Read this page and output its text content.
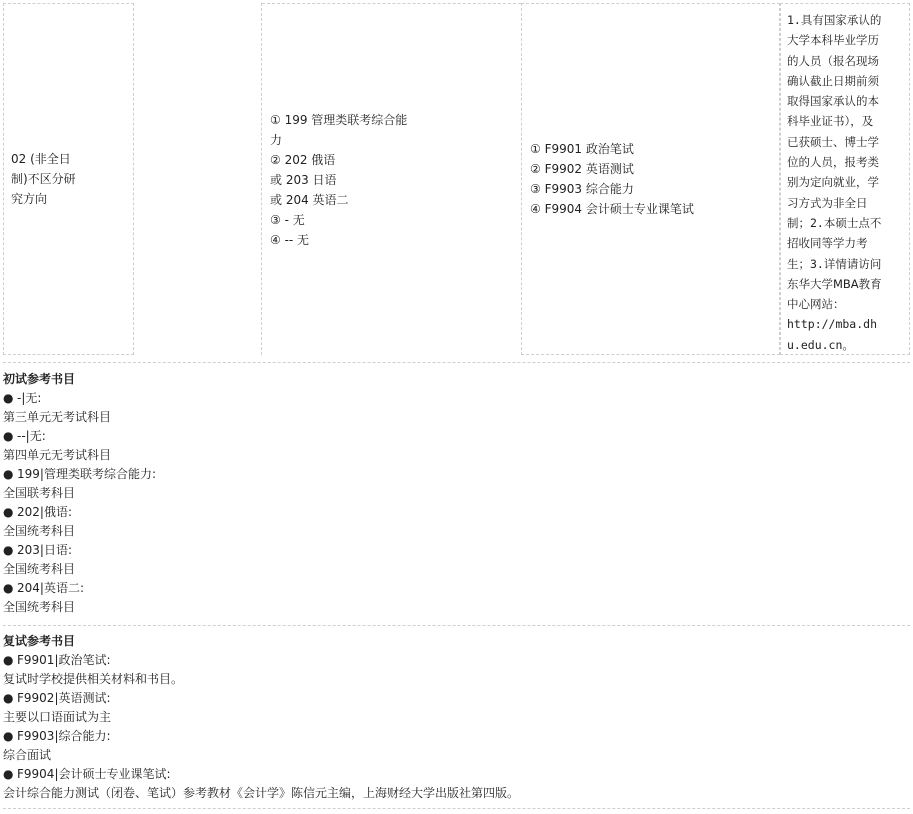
02 (非全日
制)不区分研
究方向
① 199 管理类联考综合能
力
② 202 俄语
或 203 日语
或 204 英语二
③ - 无
④ -- 无
① F9901 政治笔试
② F9902 英语测试
③ F9903 综合能力
④ F9904 会计硕士专业课笔试
1.具有国家承认的
大学本科毕业学历
的人员（报名现场
确认截止日期前须
取得国家承认的本
科毕业证书），及
已获硕士、博士学
位的人员，报考类
别为定向就业，学
习方式为非全日
制；2.本硕士点不
招收同等学力考
生；3.详情请访问
东华大学MBA教育
中心网站：
http://mba.dh
u.edu.cn。
初试参考书目
● -|无:
第三单元无考试科目
● --|无:
第四单元无考试科目
● 199|管理类联考综合能力:
全国联考科目
● 202|俄语:
全国统考科目
● 203|日语:
全国统考科目
● 204|英语二:
全国统考科目
复试参考书目
● F9901|政治笔试:
复试时学校提供相关材料和书目。
● F9902|英语测试:
主要以口语面试为主
● F9903|综合能力:
综合面试
● F9904|会计硕士专业课笔试:
会计综合能力测试（闭卷、笔试）参考教材《会计学》陈信元主编，上海财经大学出版社第四版。
